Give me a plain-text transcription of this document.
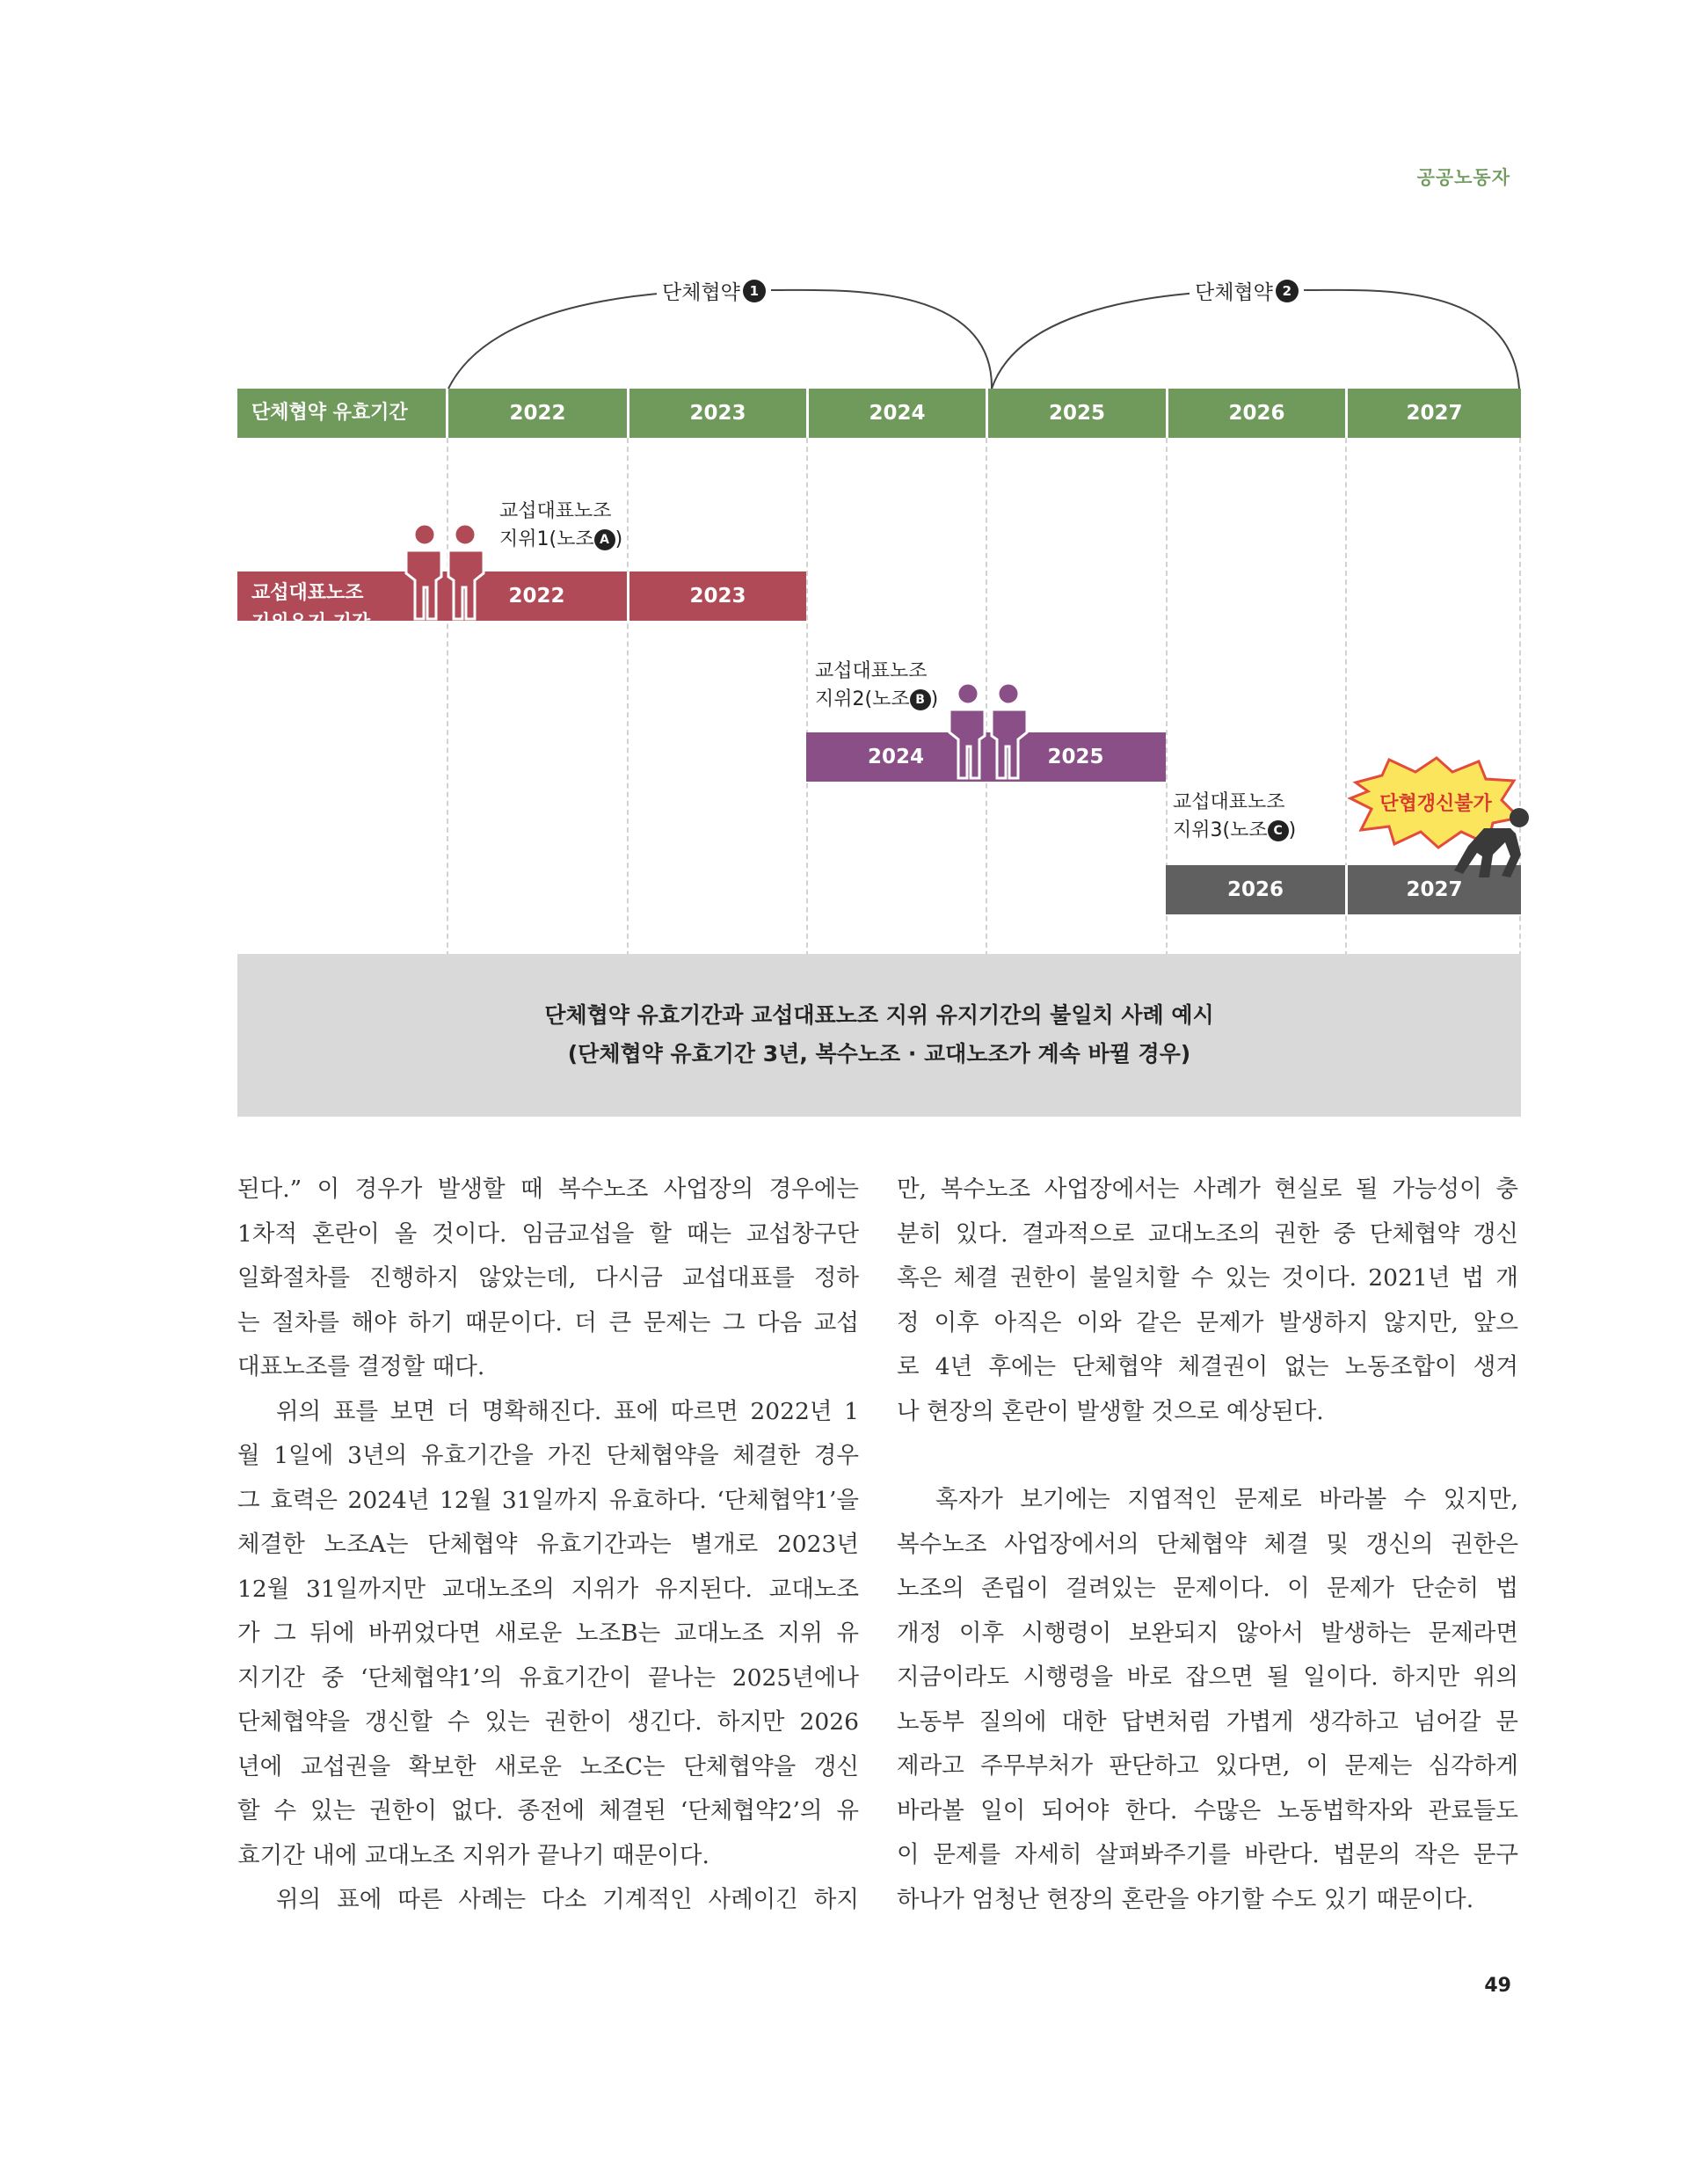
공공노동자
단체협약 1	단체협약 2
단체협약 유효기간	2022	2023	2024	2025	2026	2027
교섭대표노조
지위1(노조 A )
교섭대표노조
지위유지 기간
2022	2023
교섭대표노조
지위2(노조 B )
2024	2025
교섭대표노조
지위3(노조 C )
2026	2027
단협갱신불가
단체협약 유효기간과 교섭대표노조 지위 유지기간의 불일치 사례 예시
(단체협약 유효기간 3년, 복수노조 · 교대노조가 계속 바뀔 경우)

된다.” 이 경우가 발생할 때 복수노조 사업장의 경우에는

1차적 혼란이 올 것이다. 임금교섭을 할 때는 교섭창구단

일화절차를 진행하지 않았는데, 다시금 교섭대표를 정하

는 절차를 해야 하기 때문이다. 더 큰 문제는 그 다음 교섭

대표노조를 결정할 때다.

위의 표를 보면 더 명확해진다. 표에 따르면 2022년 1

월 1일에 3년의 유효기간을 가진 단체협약을 체결한 경우

그 효력은 2024년 12월 31일까지 유효하다. ‘단체협약1’을

체결한 노조A는 단체협약 유효기간과는 별개로 2023년

12월 31일까지만 교대노조의 지위가 유지된다. 교대노조

가 그 뒤에 바뀌었다면 새로운 노조B는 교대노조 지위 유

지기간 중 ‘단체협약1’의 유효기간이 끝나는 2025년에나

단체협약을 갱신할 수 있는 권한이 생긴다. 하지만 2026

년에 교섭권을 확보한 새로운 노조C는 단체협약을 갱신

할 수 있는 권한이 없다. 종전에 체결된 ‘단체협약2’의 유

효기간 내에 교대노조 지위가 끝나기 때문이다.

위의 표에 따른 사례는 다소 기계적인 사례이긴 하지

만, 복수노조 사업장에서는 사례가 현실로 될 가능성이 충

분히 있다. 결과적으로 교대노조의 권한 중 단체협약 갱신

혹은 체결 권한이 불일치할 수 있는 것이다. 2021년 법 개

정 이후 아직은 이와 같은 문제가 발생하지 않지만, 앞으

로 4년 후에는 단체협약 체결권이 없는 노동조합이 생겨

나 현장의 혼란이 발생할 것으로 예상된다.

혹자가 보기에는 지엽적인 문제로 바라볼 수 있지만,

복수노조 사업장에서의 단체협약 체결 및 갱신의 권한은

노조의 존립이 걸려있는 문제이다. 이 문제가 단순히 법

개정 이후 시행령이 보완되지 않아서 발생하는 문제라면

지금이라도 시행령을 바로 잡으면 될 일이다. 하지만 위의

노동부 질의에 대한 답변처럼 가볍게 생각하고 넘어갈 문

제라고 주무부처가 판단하고 있다면, 이 문제는 심각하게

바라볼 일이 되어야 한다. 수많은 노동법학자와 관료들도

이 문제를 자세히 살펴봐주기를 바란다. 법문의 작은 문구

하나가 엄청난 현장의 혼란을 야기할 수도 있기 때문이다.

49
